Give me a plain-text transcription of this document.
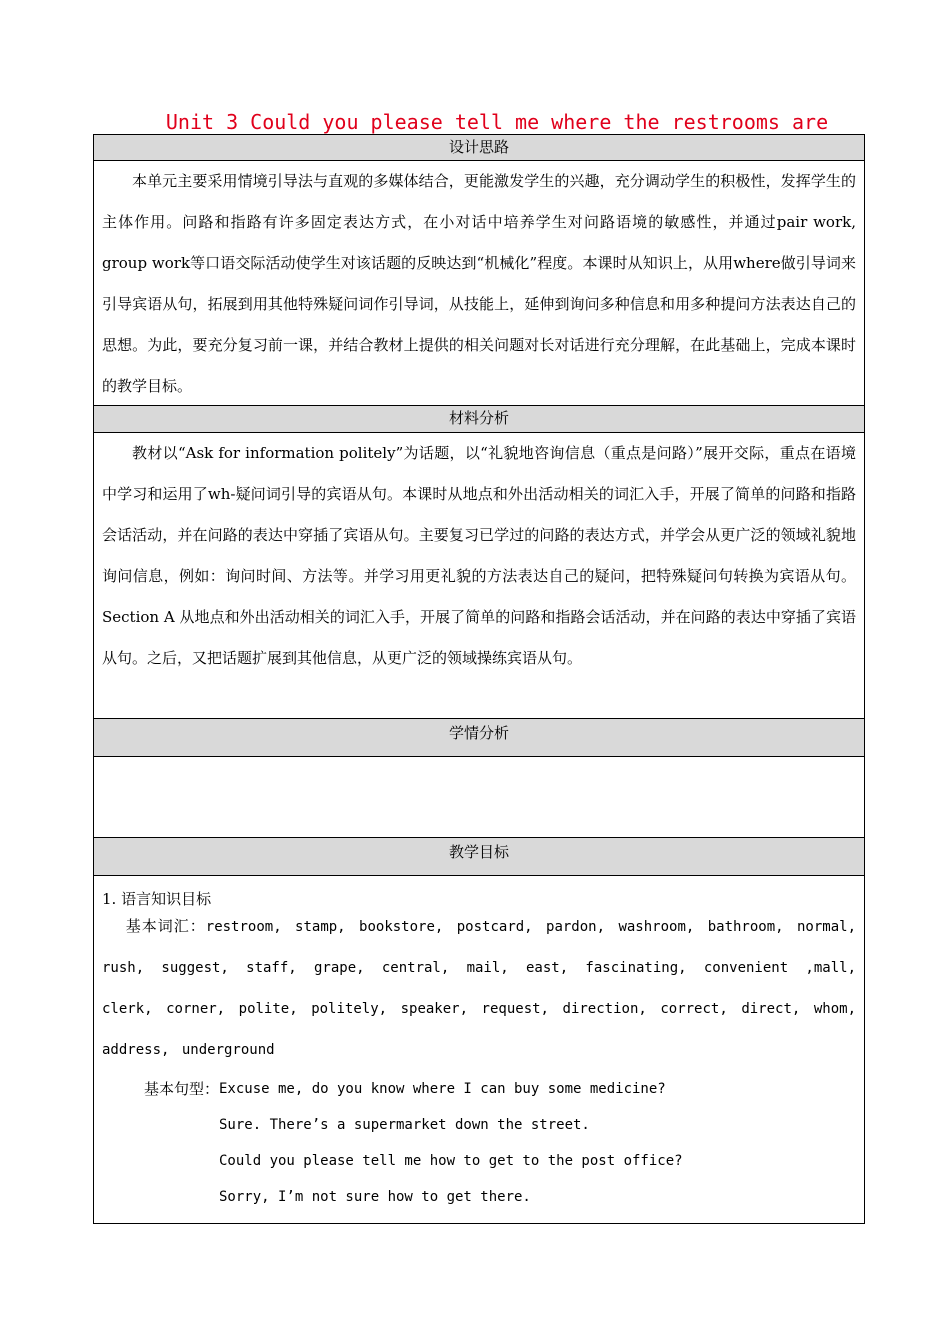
Unit 3 Could you please tell me where the restrooms are
设计思路
本单元主要采用情境引导法与直观的多媒体结合，更能激发学生的兴趣，充分调动学生的积极性，发挥学生的主体作用。问路和指路有许多固定表达方式，在小对话中培养学生对问路语境的敏感性，并通过pair work, group work等口语交际活动使学生对该话题的反映达到“机械化”程度。本课时从知识上，从用where做引导词来引导宾语从句，拓展到用其他特殊疑问词作引导词，从技能上，延伸到询问多种信息和用多种提问方法表达自己的思想。为此，要充分复习前一课，并结合教材上提供的相关问题对长对话进行充分理解，在此基础上，完成本课时的教学目标。
材料分析
教材以“Ask for information politely”为话题，以“礼貌地咨询信息（重点是问路）”展开交际，重点在语境中学习和运用了wh-疑问词引导的宾语从句。本课时从地点和外出活动相关的词汇入手，开展了简单的问路和指路会话活动，并在问路的表达中穿插了宾语从句。主要复习已学过的问路的表达方式，并学会从更广泛的领域礼貌地询问信息，例如：询问时间、方法等。并学习用更礼貌的方法表达自己的疑问，把特殊疑问句转换为宾语从句。Section A 从地点和外出活动相关的词汇入手，开展了简单的问路和指路会话活动，并在问路的表达中穿插了宾语从句。之后，又把话题扩展到其他信息，从更广泛的领域操练宾语从句。
学情分析
教学目标
1. 语言知识目标
基本词汇：restroom, stamp, bookstore, postcard, pardon, washroom, bathroom, normal, rush, suggest, staff, grape, central, mail, east, fascinating, convenient ,mall, clerk, corner, polite, politely, speaker, request, direction, correct, direct, whom, address, underground
基本句型： Excuse me, do you know where I can buy some medicine?
Sure. There’s a supermarket down the street.
Could you please tell me how to get to the post office?
Sorry, I’m not sure how to get there.
